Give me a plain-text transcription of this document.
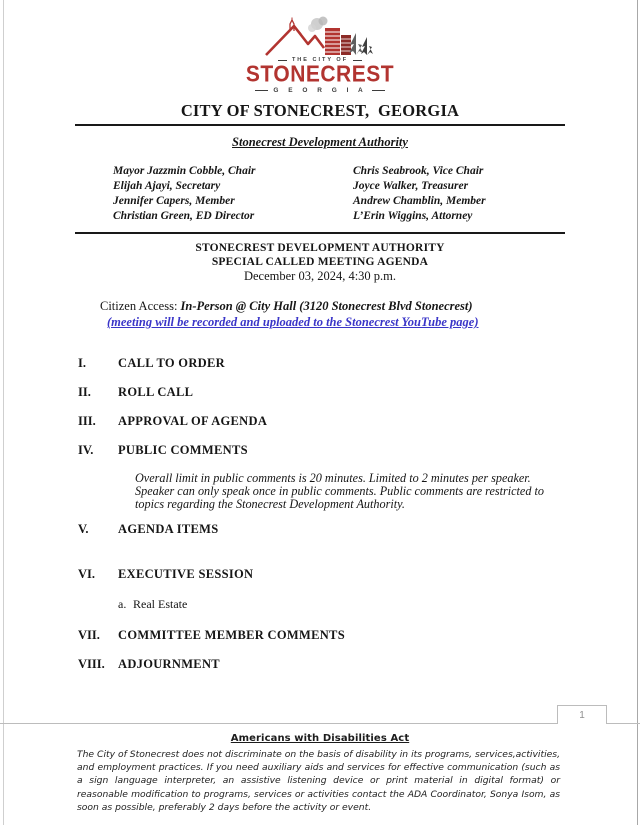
THE CITY OF
STONECREST
G E O R G I A
CITY OF STONECREST,  GEORGIA
Stonecrest Development Authority
Mayor Jazzmin Cobble, Chair
Elijah Ajayi, Secretary
Jennifer Capers, Member
Christian Green, ED Director
Chris Seabrook, Vice Chair
Joyce Walker, Treasurer
Andrew Chamblin, Member
L’Erin Wiggins, Attorney
STONECREST DEVELOPMENT AUTHORITY
SPECIAL CALLED MEETING AGENDA
December 03, 2024, 4:30 p.m.
Citizen Access: In-Person @ City Hall (3120 Stonecrest Blvd Stonecrest)
(meeting will be recorded and uploaded to the Stonecrest YouTube page)
I.	CALL TO ORDER
II.	ROLL CALL
III.	APPROVAL OF AGENDA
IV.	PUBLIC COMMENTS
Overall limit in public comments is 20 minutes. Limited to 2 minutes per speaker. Speaker can only speak once in public comments. Public comments are restricted to topics regarding the Stonecrest Development Authority.
V.	AGENDA ITEMS
VI.	EXECUTIVE SESSION
a. Real Estate
VII.	COMMITTEE MEMBER COMMENTS
VIII.	ADJOURNMENT
1
Americans with Disabilities Act
The City of Stonecrest does not discriminate on the basis of disability in its programs, services,activities, and employment practices. If you need auxiliary aids and services for effective communication (such as a sign language interpreter, an assistive listening device or print material in digital format) or reasonable modification to programs, services or activities contact the ADA Coordinator, Sonya Isom, as soon as possible, preferably 2 days before the activity or event.
